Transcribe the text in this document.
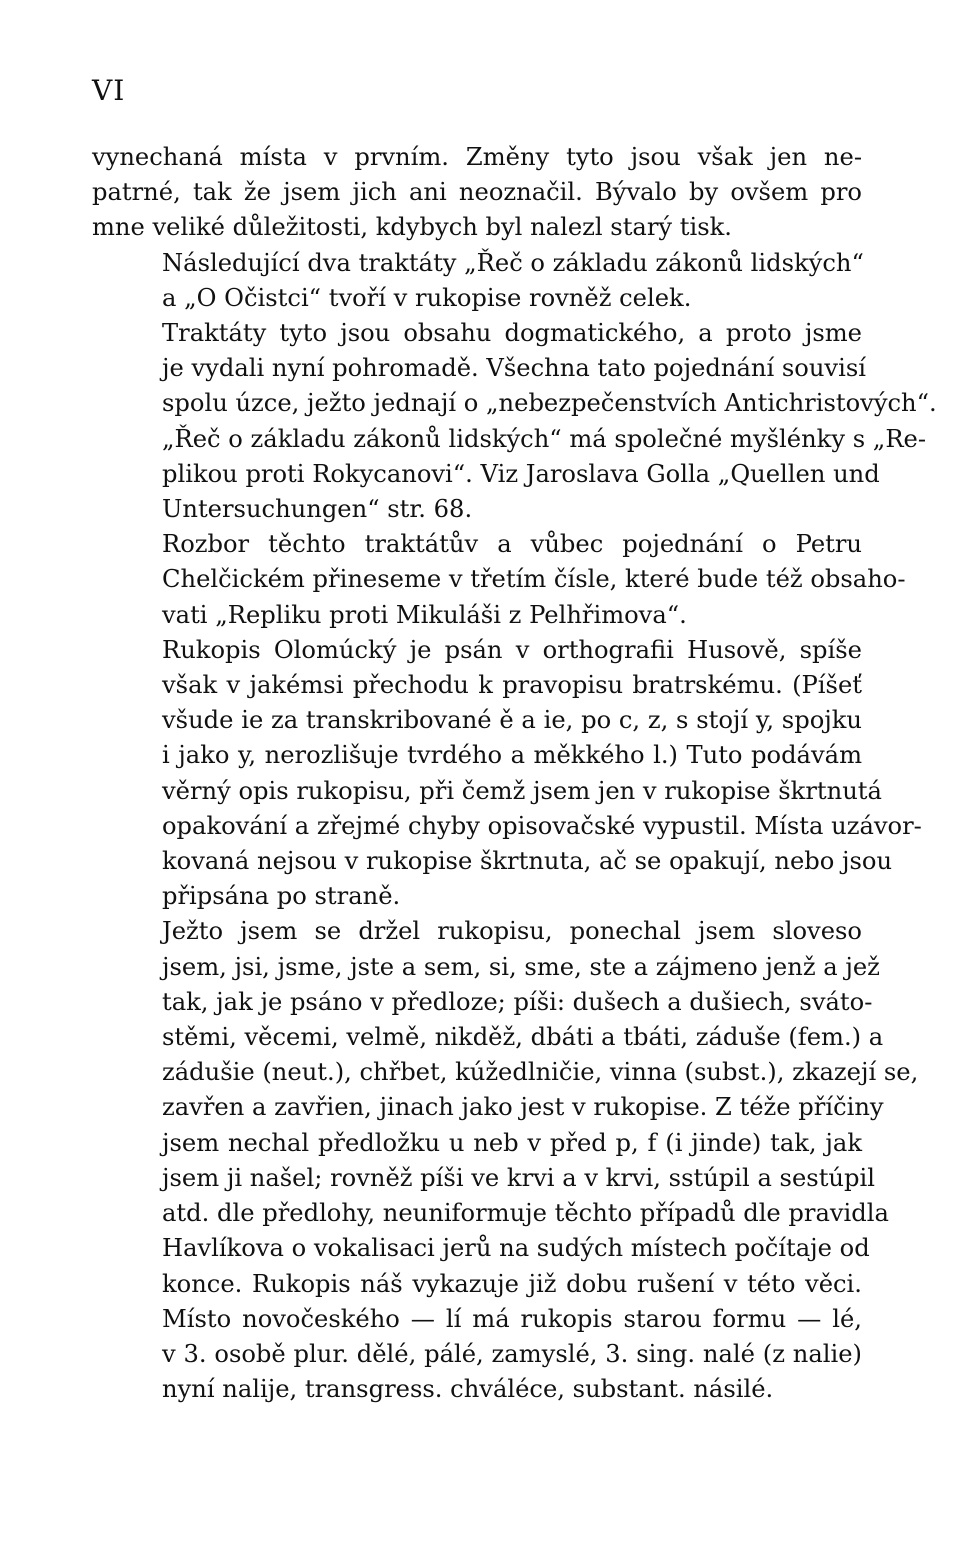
VI

vynechaná místa v prvním. Změny tyto jsou však jen ne-
patrné, tak že jsem jich ani neoznačil. Bývalo by ovšem pro
mne veliké důležitosti, kdybych byl nalezl starý tisk.

Následující dva traktáty „Řeč o základu zákonů lidských“
a „O Očistci“ tvoří v rukopise rovněž celek.

Traktáty tyto jsou obsahu dogmatického, a proto jsme
je vydali nyní pohromadě. Všechna tato pojednání souvisí
spolu úzce, ježto jednají o „nebezpečenstvích Antichristových“.
„Řeč o základu zákonů lidských“ má společné myšlénky s „Re-
plikou proti Rokycanovi“. Viz Jaroslava Golla „Quellen und
Untersuchungen“ str. 68.

Rozbor těchto traktátův a vůbec pojednání o Petru
Chelčickém přineseme v třetím čísle, které bude též obsaho-
vati „Repliku proti Mikuláši z Pelhřimova“.

Rukopis Olomúcký je psán v orthografii Husově, spíše
však v jakémsi přechodu k pravopisu bratrskému. (Píšeť
všude ie za transkribované ě a ie, po c, z, s stojí y, spojku
i jako y, nerozlišuje tvrdého a měkkého l.) Tuto podávám
věrný opis rukopisu, při čemž jsem jen v rukopise škrtnutá
opakování a zřejmé chyby opisovačské vypustil. Místa uzávor-
kovaná nejsou v rukopise škrtnuta, ač se opakují, nebo jsou
připsána po straně.

Ježto jsem se držel rukopisu, ponechal jsem sloveso
jsem, jsi, jsme, jste a sem, si, sme, ste a zájmeno jenž a jež
tak, jak je psáno v předloze; píši: dušech a dušiech, sváto-
stěmi, věcemi, velmě, nikděž, dbáti a tbáti, záduše (fem.) a
zádušie (neut.), chřbet, kúžedlničie, vinna (subst.), zkazejí se,
zavřen a zavřien, jinach jako jest v rukopise. Z téže příčiny
jsem nechal předložku u neb v před p, f (i jinde) tak, jak
jsem ji našel; rovněž píši ve krvi a v krvi, sstúpil a sestúpil
atd. dle předlohy, neuniformuje těchto případů dle pravidla
Havlíkova o vokalisaci jerů na sudých místech počítaje od
konce. Rukopis náš vykazuje již dobu rušení v této věci.
Místo novočeského — lí má rukopis starou formu — lé,
v 3. osobě plur. dělé, pálé, zamyslé, 3. sing. nalé (z nalie)
nyní nalije, transgress. chváléce, substant. násilé.
